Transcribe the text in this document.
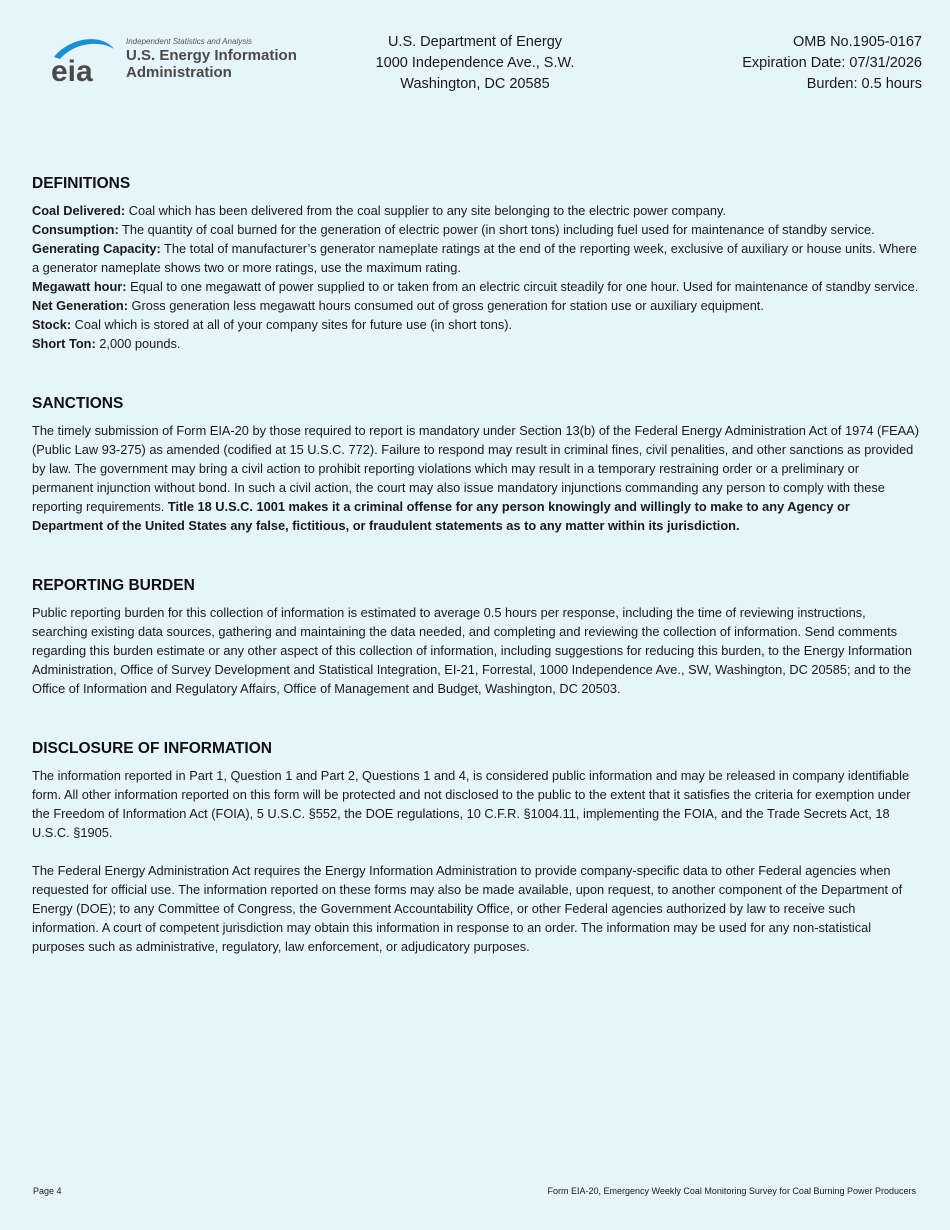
eia
Independent Statistics and Analysis
U.S. Energy Information
Administration
U.S. Department of Energy
1000 Independence Ave., S.W.
Washington, DC 20585
OMB No.1905-0167
Expiration Date: 07/31/2026
Burden: 0.5 hours
DEFINITIONS

Coal Delivered: Coal which has been delivered from the coal supplier to any site belonging to the electric power company.

Consumption: The quantity of coal burned for the generation of electric power (in short tons) including fuel used for maintenance of standby service.

Generating Capacity: The total of manufacturer’s generator nameplate ratings at the end of the reporting week, exclusive of auxiliary or house units. Where a generator nameplate shows two or more ratings, use the maximum rating.

Megawatt hour: Equal to one megawatt of power supplied to or taken from an electric circuit steadily for one hour. Used for maintenance of standby service.

Net Generation: Gross generation less megawatt hours consumed out of gross generation for station use or auxiliary equipment.

Stock: Coal which is stored at all of your company sites for future use (in short tons).

Short Ton: 2,000 pounds.

SANCTIONS

The timely submission of Form EIA-20 by those required to report is mandatory under Section 13(b) of the Federal Energy Administration Act of 1974 (FEAA) (Public Law 93-275) as amended (codified at 15 U.S.C. 772). Failure to respond may result in criminal fines, civil penalities, and other sanctions as provided by law. The government may bring a civil action to prohibit reporting violations which may result in a temporary restraining order or a preliminary or permanent injunction without bond. In such a civil action, the court may also issue mandatory injunctions commanding any person to comply with these reporting requirements. Title 18 U.S.C. 1001 makes it a criminal offense for any person knowingly and willingly to make to any Agency or Department of the United States any false, fictitious, or fraudulent statements as to any matter within its jurisdiction.

REPORTING BURDEN

Public reporting burden for this collection of information is estimated to average 0.5 hours per response, including the time of reviewing instructions, searching existing data sources, gathering and maintaining the data needed, and completing and reviewing the collection of information. Send comments regarding this burden estimate or any other aspect of this collection of information, including suggestions for reducing this burden, to the Energy Information Administration, Office of Survey Development and Statistical Integration, EI-21, Forrestal, 1000 Independence Ave., SW, Washington, DC 20585; and to the Office of Information and Regulatory Affairs, Office of Management and Budget, Washington, DC 20503.

DISCLOSURE OF INFORMATION

The information reported in Part 1, Question 1 and Part 2, Questions 1 and 4, is considered public information and may be released in company identifiable form. All other information reported on this form will be protected and not disclosed to the public to the extent that it satisfies the criteria for exemption under the Freedom of Information Act (FOIA), 5 U.S.C. §552, the DOE regulations, 10 C.F.R. §1004.11, implementing the FOIA, and the Trade Secrets Act, 18 U.S.C. §1905.

The Federal Energy Administration Act requires the Energy Information Administration to provide company-specific data to other Federal agencies when requested for official use. The information reported on these forms may also be made available, upon request, to another component of the Department of Energy (DOE); to any Committee of Congress, the Government Accountability Office, or other Federal agencies authorized by law to receive such information. A court of competent jurisdiction may obtain this information in response to an order. The information may be used for any non-statistical purposes such as administrative, regulatory, law enforcement, or adjudicatory purposes.

Page 4	Form EIA-20, Emergency Weekly Coal Monitoring Survey for Coal Burning Power Producers
